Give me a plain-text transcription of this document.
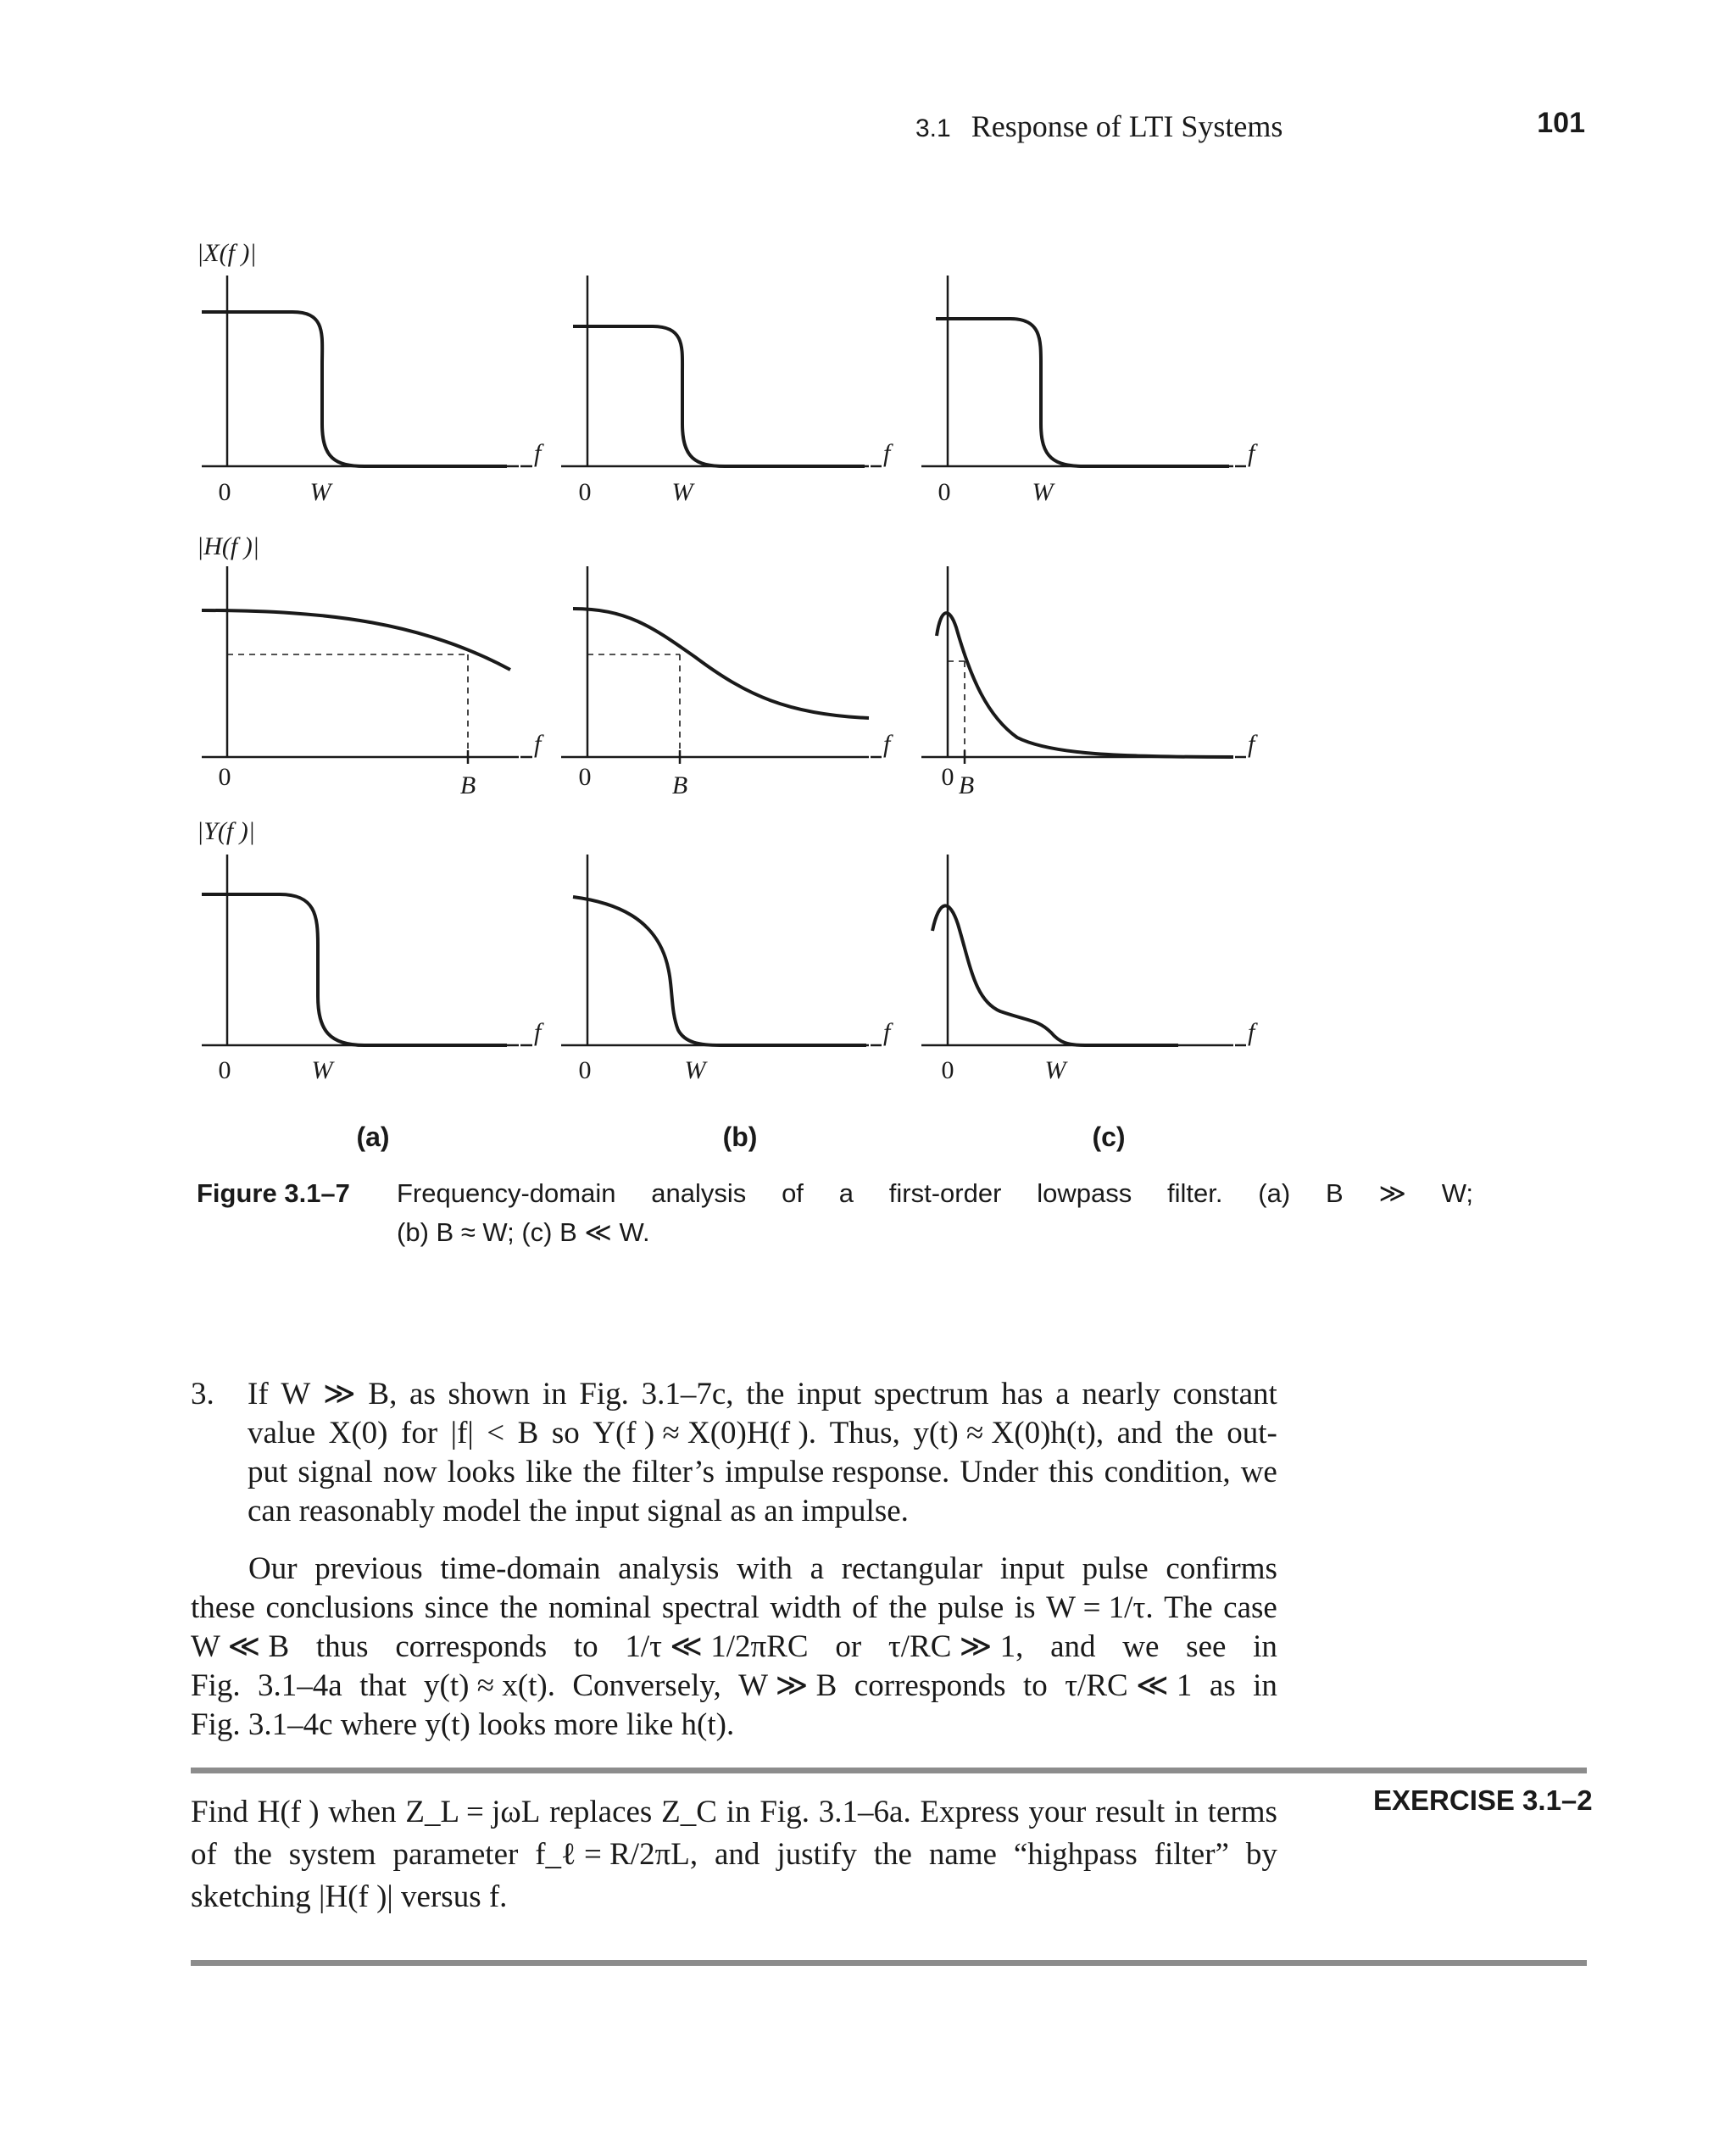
3.1 Response of LTI Systems	101
f	f	f
f	f	f
f	f	f
|X(f )|
|H(f )|
|Y(f )|
0	W	0	W	0	W
0	B	0	B	0 B
0	W	0	W	0	W
(a)	(b)	(c)
Figure 3.1–7 Frequency-domain analysis of a first-order lowpass filter. (a) B ≫ W;
(b) B ≈ W; (c) B ≪ W.
3. If W ≫ B, as shown in Fig. 3.1–7c, the input spectrum has a nearly constant
value X(0) for |f| < B so Y(f ) ≈ X(0)H(f ). Thus, y(t) ≈ X(0)h(t), and the out-
put signal now looks like the filter’s impulse response. Under this condition, we
can reasonably model the input signal as an impulse.
Our previous time-domain analysis with a rectangular input pulse confirms
these conclusions since the nominal spectral width of the pulse is W = 1/τ. The case
W ≪ B thus corresponds to 1/τ ≪ 1/2πRC or τ/RC ≫ 1, and we see in
Fig. 3.1–4a that y(t) ≈ x(t). Conversely, W ≫ B corresponds to τ/RC ≪ 1 as in
Fig. 3.1–4c where y(t) looks more like h(t).
EXERCISE 3.1–2
Find H(f ) when Z_L = jωL replaces Z_C in Fig. 3.1–6a. Express your result in terms
of the system parameter f_ℓ = R/2πL, and justify the name “highpass filter” by
sketching |H(f )| versus f.
